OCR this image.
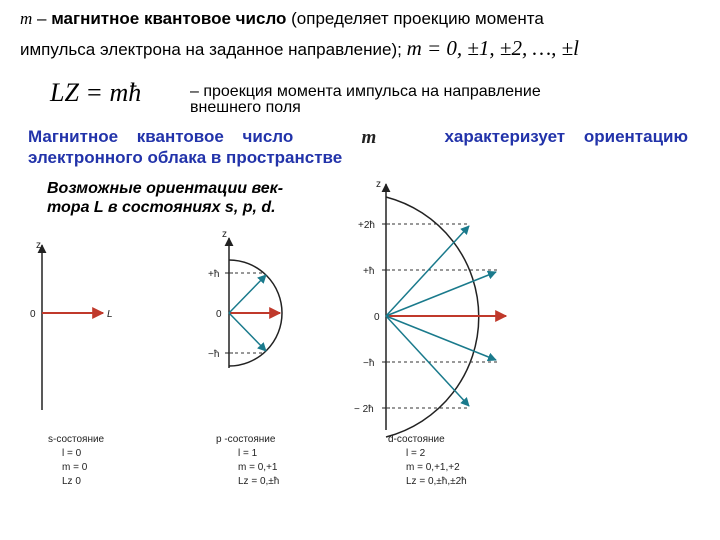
m – магнитное квантовое число (определяет проекцию момента
импульса электрона на заданное направление); m = 0, ±1, ±2, …, ±l
LZ = mħ	– проекция момента импульса на направление
внешнего поля
Магнитное квантовое число	m	характеризует ориентацию
электронного облака в пространстве
Возможные ориентации век-
тора L в состояниях s, p, d.
z
0	L
s-состояние
l = 0
m = 0
Lz 0
z
+ħ
0
−ħ
p -состояние
l = 1
m = 0,+1
Lz = 0,±ħ
z
+2ħ
+ħ
0
−ħ
− 2ħ
d-состояние
l = 2
m = 0,+1,+2
Lz = 0,±ħ,±2ħ
